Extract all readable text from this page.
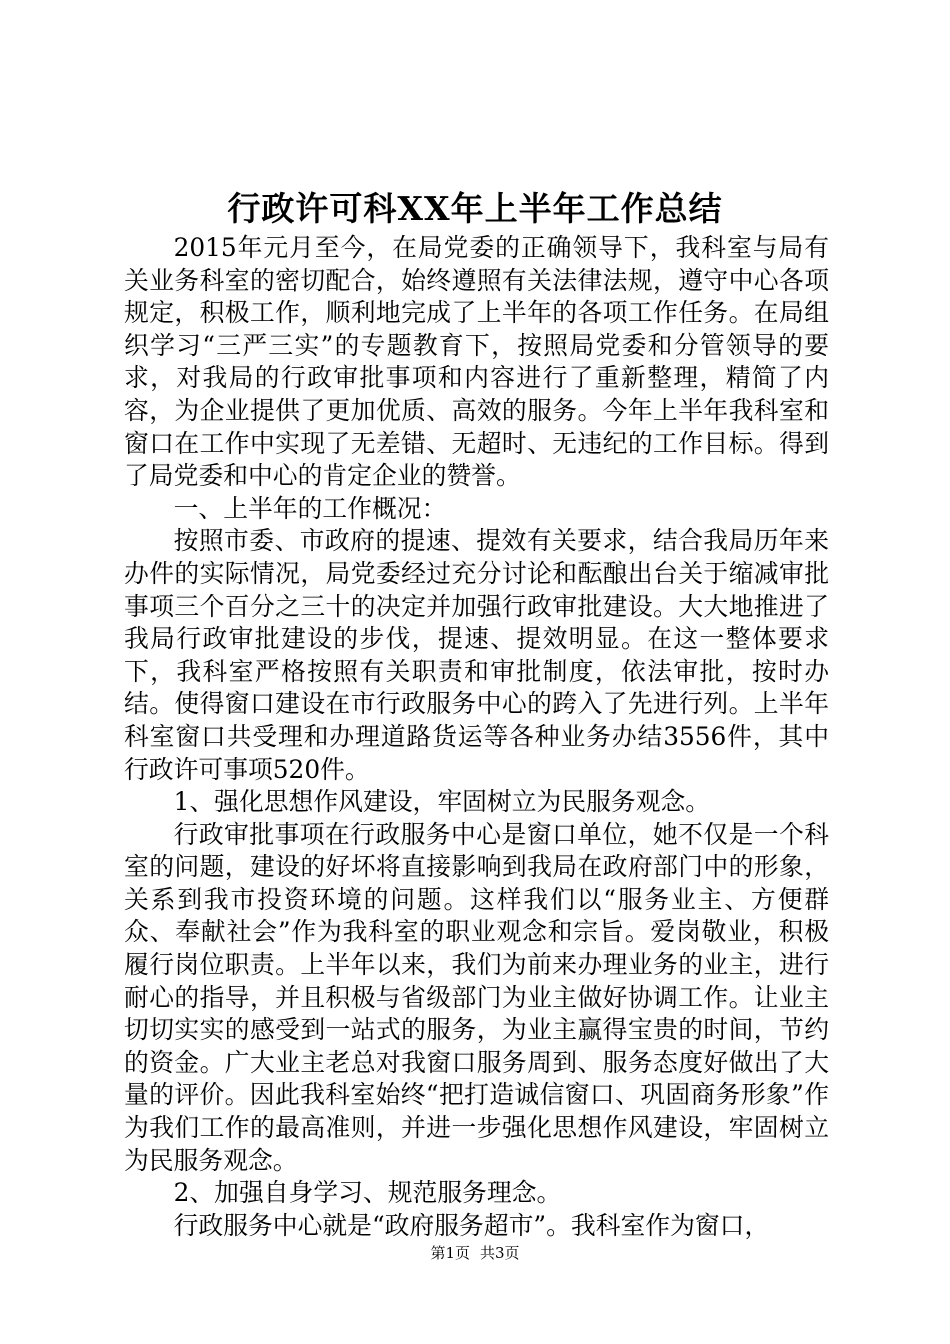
行政许可科XX年上半年工作总结

2015年元月至今，在局党委的正确领导下，我科室与局有关业务科室的密切配合，始终遵照有关法律法规，遵守中心各项规定，积极工作，顺利地完成了上半年的各项工作任务。在局组织学习“三严三实”的专题教育下，按照局党委和分管领导的要求，对我局的行政审批事项和内容进行了重新整理，精简了内容，为企业提供了更加优质、高效的服务。今年上半年我科室和窗口在工作中实现了无差错、无超时、无违纪的工作目标。得到了局党委和中心的肯定企业的赞誉。

一、上半年的工作概况：

按照市委、市政府的提速、提效有关要求，结合我局历年来办件的实际情况，局党委经过充分讨论和酝酿出台关于缩减审批事项三个百分之三十的决定并加强行政审批建设。大大地推进了我局行政审批建设的步伐，提速、提效明显。在这一整体要求下，我科室严格按照有关职责和审批制度，依法审批，按时办结。使得窗口建设在市行政服务中心的跨入了先进行列。上半年科室窗口共受理和办理道路货运等各种业务办结3556件，其中行政许可事项520件。

1、强化思想作风建设，牢固树立为民服务观念。

行政审批事项在行政服务中心是窗口单位，她不仅是一个科室的问题，建设的好坏将直接影响到我局在政府部门中的形象，关系到我市投资环境的问题。这样我们以“服务业主、方便群众、奉献社会”作为我科室的职业观念和宗旨。爱岗敬业，积极履行岗位职责。上半年以来，我们为前来办理业务的业主，进行耐心的指导，并且积极与省级部门为业主做好协调工作。让业主切切实实的感受到一站式的服务，为业主赢得宝贵的时间，节约的资金。广大业主老总对我窗口服务周到、服务态度好做出了大量的评价。因此我科室始终“把打造诚信窗口、巩固商务形象”作为我们工作的最高准则，并进一步强化思想作风建设，牢固树立为民服务观念。

2、加强自身学习、规范服务理念。

行政服务中心就是“政府服务超市”。我科室作为窗口，

第1页 共3页
